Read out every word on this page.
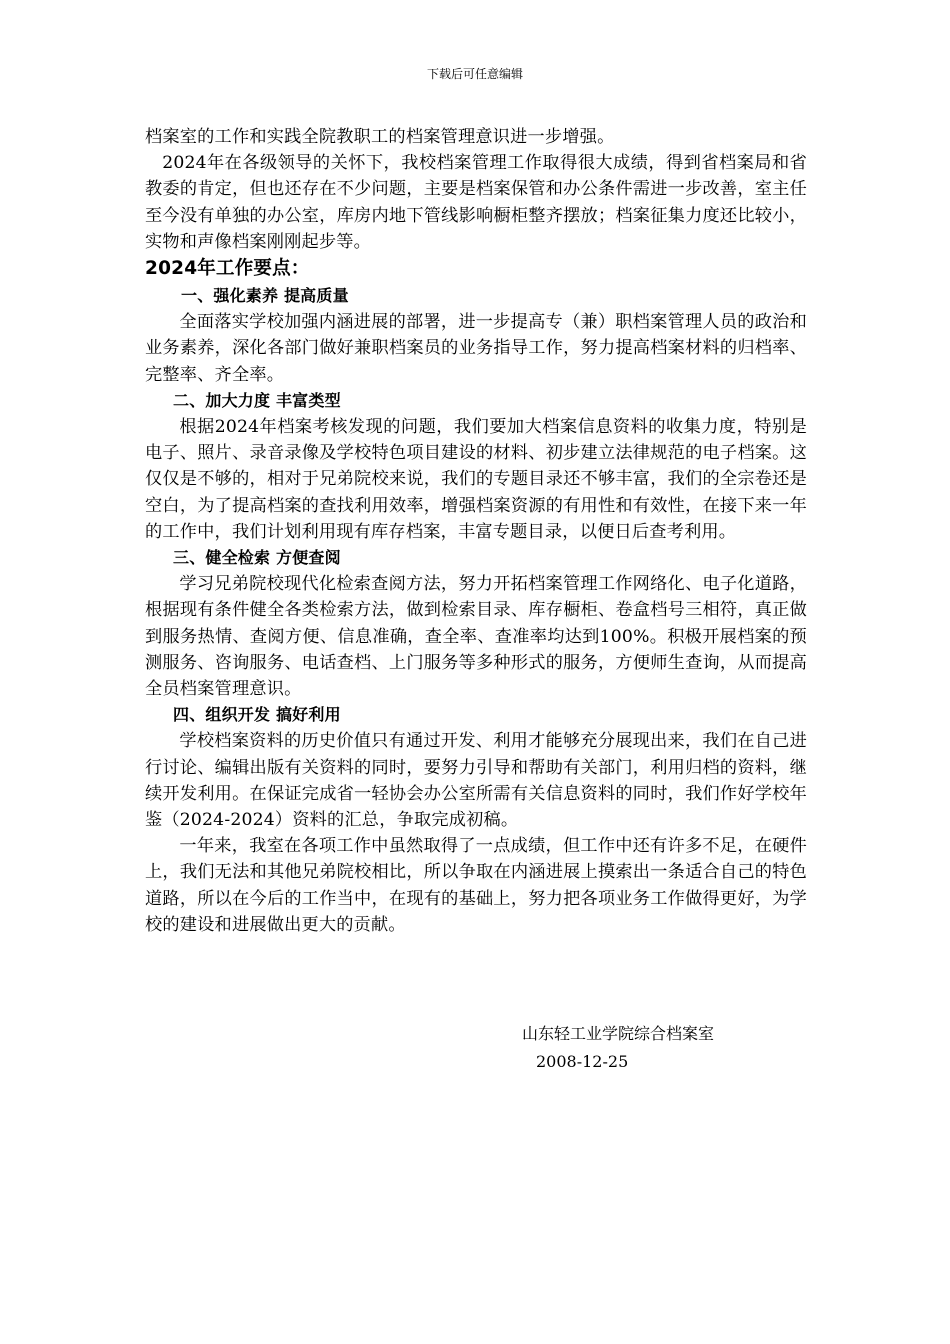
下载后可任意编辑

档案室的工作和实践全院教职工的档案管理意识进一步增强。

2024年在各级领导的关怀下，我校档案管理工作取得很大成绩，得到省档案局和省教委的肯定，但也还存在不少问题，主要是档案保管和办公条件需进一步改善，室主任至今没有单独的办公室，库房内地下管线影响橱柜整齐摆放；档案征集力度还比较小，实物和声像档案刚刚起步等。

2024年工作要点：

一、强化素养 提高质量

全面落实学校加强内涵进展的部署，进一步提高专（兼）职档案管理人员的政治和业务素养，深化各部门做好兼职档案员的业务指导工作，努力提高档案材料的归档率、完整率、齐全率。

二、加大力度 丰富类型

根据2024年档案考核发现的问题，我们要加大档案信息资料的收集力度，特别是电子、照片、录音录像及学校特色项目建设的材料、初步建立法律规范的电子档案。这仅仅是不够的，相对于兄弟院校来说，我们的专题目录还不够丰富，我们的全宗卷还是空白，为了提高档案的查找利用效率，增强档案资源的有用性和有效性，在接下来一年的工作中，我们计划利用现有库存档案，丰富专题目录，以便日后查考利用。

三、健全检索 方便查阅

学习兄弟院校现代化检索查阅方法，努力开拓档案管理工作网络化、电子化道路，根据现有条件健全各类检索方法，做到检索目录、库存橱柜、卷盒档号三相符，真正做到服务热情、查阅方便、信息准确，查全率、查准率均达到100%。积极开展档案的预测服务、咨询服务、电话查档、上门服务等多种形式的服务，方便师生查询，从而提高全员档案管理意识。

四、组织开发 搞好利用

学校档案资料的历史价值只有通过开发、利用才能够充分展现出来，我们在自己进行讨论、编辑出版有关资料的同时，要努力引导和帮助有关部门，利用归档的资料，继续开发利用。在保证完成省一轻协会办公室所需有关信息资料的同时，我们作好学校年鉴（2024-2024）资料的汇总，争取完成初稿。

一年来，我室在各项工作中虽然取得了一点成绩，但工作中还有许多不足，在硬件上，我们无法和其他兄弟院校相比，所以争取在内涵进展上摸索出一条适合自己的特色道路，所以在今后的工作当中，在现有的基础上，努力把各项业务工作做得更好，为学校的建设和进展做出更大的贡献。

山东轻工业学院综合档案室
2008-12-25
